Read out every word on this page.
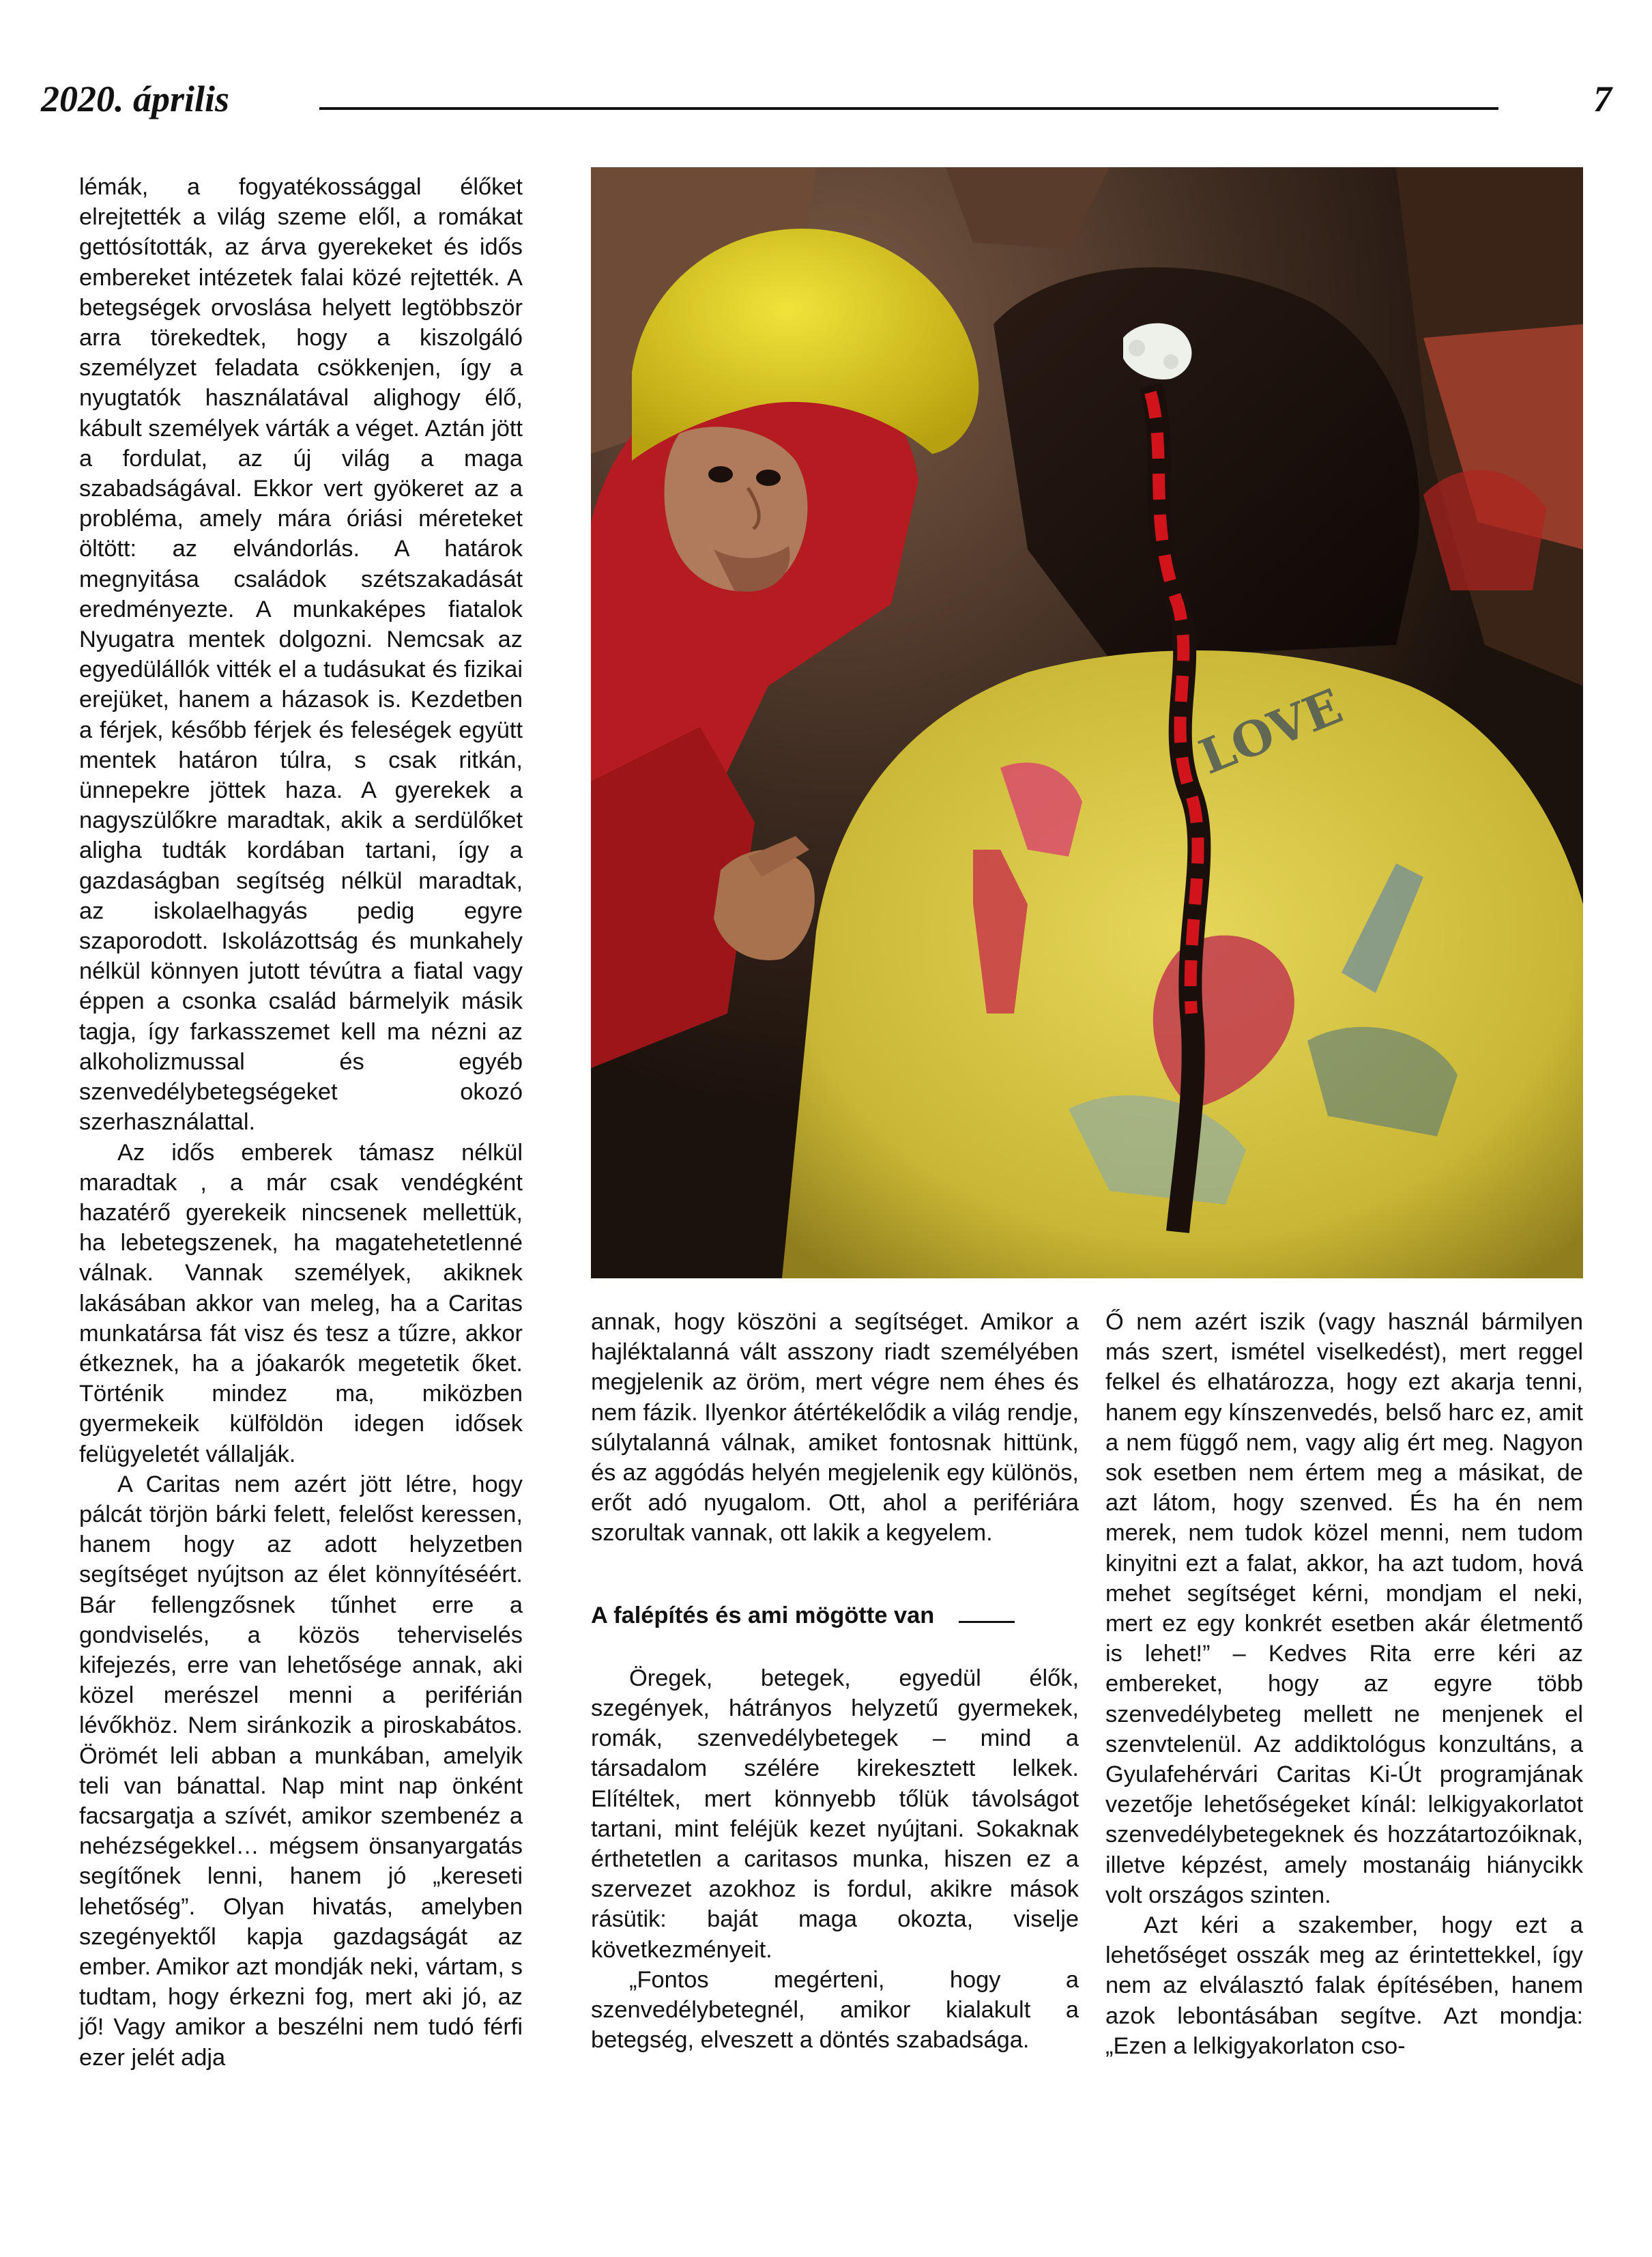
2020. április	7

lémák, a fogyatékossággal élőket elrejtették a világ szeme elől, a romákat gettósították, az árva gyerekeket és idős embereket intézetek falai közé rejtették. A betegségek orvoslása helyett legtöbbször arra törekedtek, hogy a kiszolgáló személyzet feladata csökkenjen, így a nyugtatók használatával alighogy élő, kábult személyek várták a véget. Aztán jött a fordulat, az új világ a maga szabadságával. Ekkor vert gyökeret az a probléma, amely mára óriási méreteket öltött: az elvándorlás. A határok megnyitása családok szétszakadását eredményezte. A munkaképes fiatalok Nyugatra mentek dolgozni. Nemcsak az egyedülállók vitték el a tudásukat és fizikai erejüket, hanem a házasok is. Kezdetben a férjek, később férjek és feleségek együtt mentek határon túlra, s csak ritkán, ünnepekre jöttek haza. A gyerekek a nagyszülőkre maradtak, akik a serdülőket aligha tudták kordában tartani, így a gazdaságban segítség nélkül maradtak, az iskolaelhagyás pedig egyre szaporodott. Iskolázottság és munkahely nélkül könnyen jutott tévútra a fiatal vagy éppen a csonka család bármelyik másik tagja, így farkasszemet kell ma nézni az alkoholizmussal és egyéb szenvedélybetegségeket okozó szerhasználattal.

Az idős emberek támasz nélkül maradtak , a már csak vendégként hazatérő gyerekeik nincsenek mellettük, ha lebetegszenek, ha magatehetetlenné válnak. Vannak személyek, akiknek lakásában akkor van meleg, ha a Caritas munkatársa fát visz és tesz a tűzre, akkor étkeznek, ha a jóakarók megetetik őket. Történik mindez ma, miközben gyermekeik külföldön idegen idősek felügyeletét vállalják.

A Caritas nem azért jött létre, hogy pálcát törjön bárki felett, felelőst keressen, hanem hogy az adott helyzetben segítséget nyújtson az élet könnyítéséért. Bár fellengzősnek tűnhet erre a gondviselés, a közös teherviselés kifejezés, erre van lehetősége annak, aki közel merészel menni a periférián lévőkhöz. Nem siránkozik a piroskabátos. Örömét leli abban a munkában, amelyik teli van bánattal. Nap mint nap önként facsargatja a szívét, amikor szembenéz a nehézségekkel… mégsem önsanyargatás segítőnek lenni, hanem jó „kereseti lehetőség”. Olyan hivatás, amelyben szegényektől kapja gazdagságát az ember. Amikor azt mondják neki, vártam, s tudtam, hogy érkezni fog, mert aki jó, az jő! Vagy amikor a beszélni nem tudó férfi ezer jelét adja

LOVE

annak, hogy köszöni a segítséget. Amikor a hajléktalanná vált asszony riadt személyében megjelenik az öröm, mert végre nem éhes és nem fázik. Ilyenkor átértékelődik a világ rendje, súlytalanná válnak, amiket fontosnak hittünk, és az aggódás helyén megjelenik egy különös, erőt adó nyugalom. Ott, ahol a perifériára szorultak vannak, ott lakik a kegyelem.

A falépítés és ami mögötte van

Öregek, betegek, egyedül élők, szegények, hátrányos helyzetű gyermekek, romák, szenvedélybetegek – mind a társadalom szélére kirekesztett lelkek. Elítéltek, mert könnyebb tőlük távolságot tartani, mint feléjük kezet nyújtani. Sokaknak érthetetlen a caritasos munka, hiszen ez a szervezet azokhoz is fordul, akikre mások rásütik: baját maga okozta, viselje következményeit.

„Fontos megérteni, hogy a szenvedélybetegnél, amikor kialakult a betegség, elveszett a döntés szabadsága.

Ő nem azért iszik (vagy használ bármilyen más szert, ismétel viselkedést), mert reggel felkel és elhatározza, hogy ezt akarja tenni, hanem egy kínszenvedés, belső harc ez, amit a nem függő nem, vagy alig ért meg. Nagyon sok esetben nem értem meg a másikat, de azt látom, hogy szenved. És ha én nem merek, nem tudok közel menni, nem tudom kinyitni ezt a falat, akkor, ha azt tudom, hová mehet segítséget kérni, mondjam el neki, mert ez egy konkrét esetben akár életmentő is lehet!” – Kedves Rita erre kéri az embereket, hogy az egyre több szenvedélybeteg mellett ne menjenek el szenvtelenül. Az addiktológus konzultáns, a Gyulafehérvári Caritas Ki-Út programjának vezetője lehetőségeket kínál: lelkigyakorlatot szenvedélybetegeknek és hozzátartozóiknak, illetve képzést, amely mostanáig hiánycikk volt országos szinten.

Azt kéri a szakember, hogy ezt a lehetőséget osszák meg az érintettekkel, így nem az elválasztó falak építésében, hanem azok lebontásában segítve. Azt mondja: „Ezen a lelkigyakorlaton cso-
